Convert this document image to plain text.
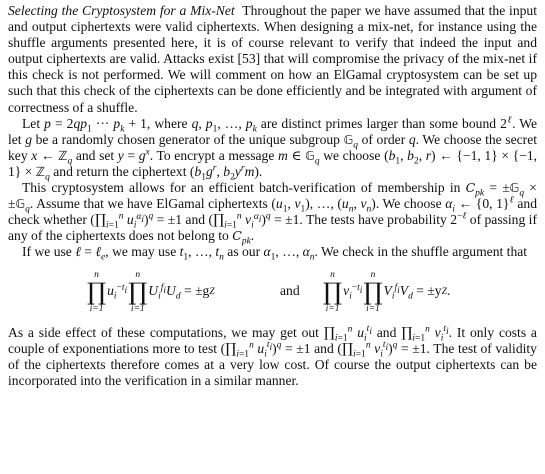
Selecting the Cryptosystem for a Mix-Net Throughout the paper we have assumed that the input and output ciphertexts were valid ciphertexts. When designing a mix-net, for instance using the shuffle arguments presented here, it is of course relevant to verify that indeed the input and output ciphertexts are valid. Attacks exist [53] that will compromise the privacy of the mix-net if this check is not performed. We will comment on how an ElGamal cryptosystem can be set up such that this check of the ciphertexts can be done efficiently and be integrated with argument of correctness of a shuffle.

Let $p = 2qp_1$ ··· $p_k + 1$, where q, $p_1$, …, $p_k$ are distinct primes larger than some bound $2^\ell$. We let g be a randomly chosen generator of the unique subgroup 𝔾$_q$ of order q. We choose the secret key x ← ℤ$_q$ and set $y = g^x$. To encrypt a message m ∈ 𝔾$_q$ we choose ($b_1$, $b_2$, r) ← {−1, 1} × {−1, 1} × ℤ$_q$ and return the ciphertext ($b_1g^r$, $b_2y^rm$).

This cryptosystem allows for an efficient batch-verification of membership in $C_{pk}$ = ±𝔾$_q$ × ±𝔾$_q$. Assume that we have ElGamal ciphertexts ($u_1$, $v_1$), …, ($u_n$, $v_n$). We choose $\alpha_i$ ← {0, 1}$^\ell$ and check whether ($\prod_{i=1}^n$ $u_i^{\alpha_i})^q = \pm 1$ and ($\prod_{i=1}^n$ $v_i^{\alpha_i})^q = \pm 1$. The tests have probability $2^{-\ell}$ of passing if any of the ciphertexts does not belong to $C_{pk}$.

If we use ℓ = ℓ$_e$, we may use $t_1$, …, $t_n$ as our $\alpha_1$, …, $\alpha_n$. We check in the shuffle argument that

n
∏
i=1
$u_i^{-t_i}$
n
∏
i=1
$U_i^{f_i}U_d = \pm g$ Z	and
n
∏
i=1
$v_i^{-t_i}$
n
∏
i=1
$V_i^{f_i}V_d = \pm y$ Z .

As a side effect of these computations, we may get out $\prod_{i=1}^n$ $u_i^{t_i}$ and $\prod_{i=1}^n$ $v_i^{t_i}$. It only costs a couple of exponentiations more to test ($\prod_{i=1}^n$ $u_i^{t_i})^q = \pm 1$ and ($\prod_{i=1}^n$ $v_i^{t_i})^q = \pm 1$. The test of validity of the ciphertexts therefore comes at a very low cost. Of course the output ciphertexts can be incorporated into the verification in a similar manner.
